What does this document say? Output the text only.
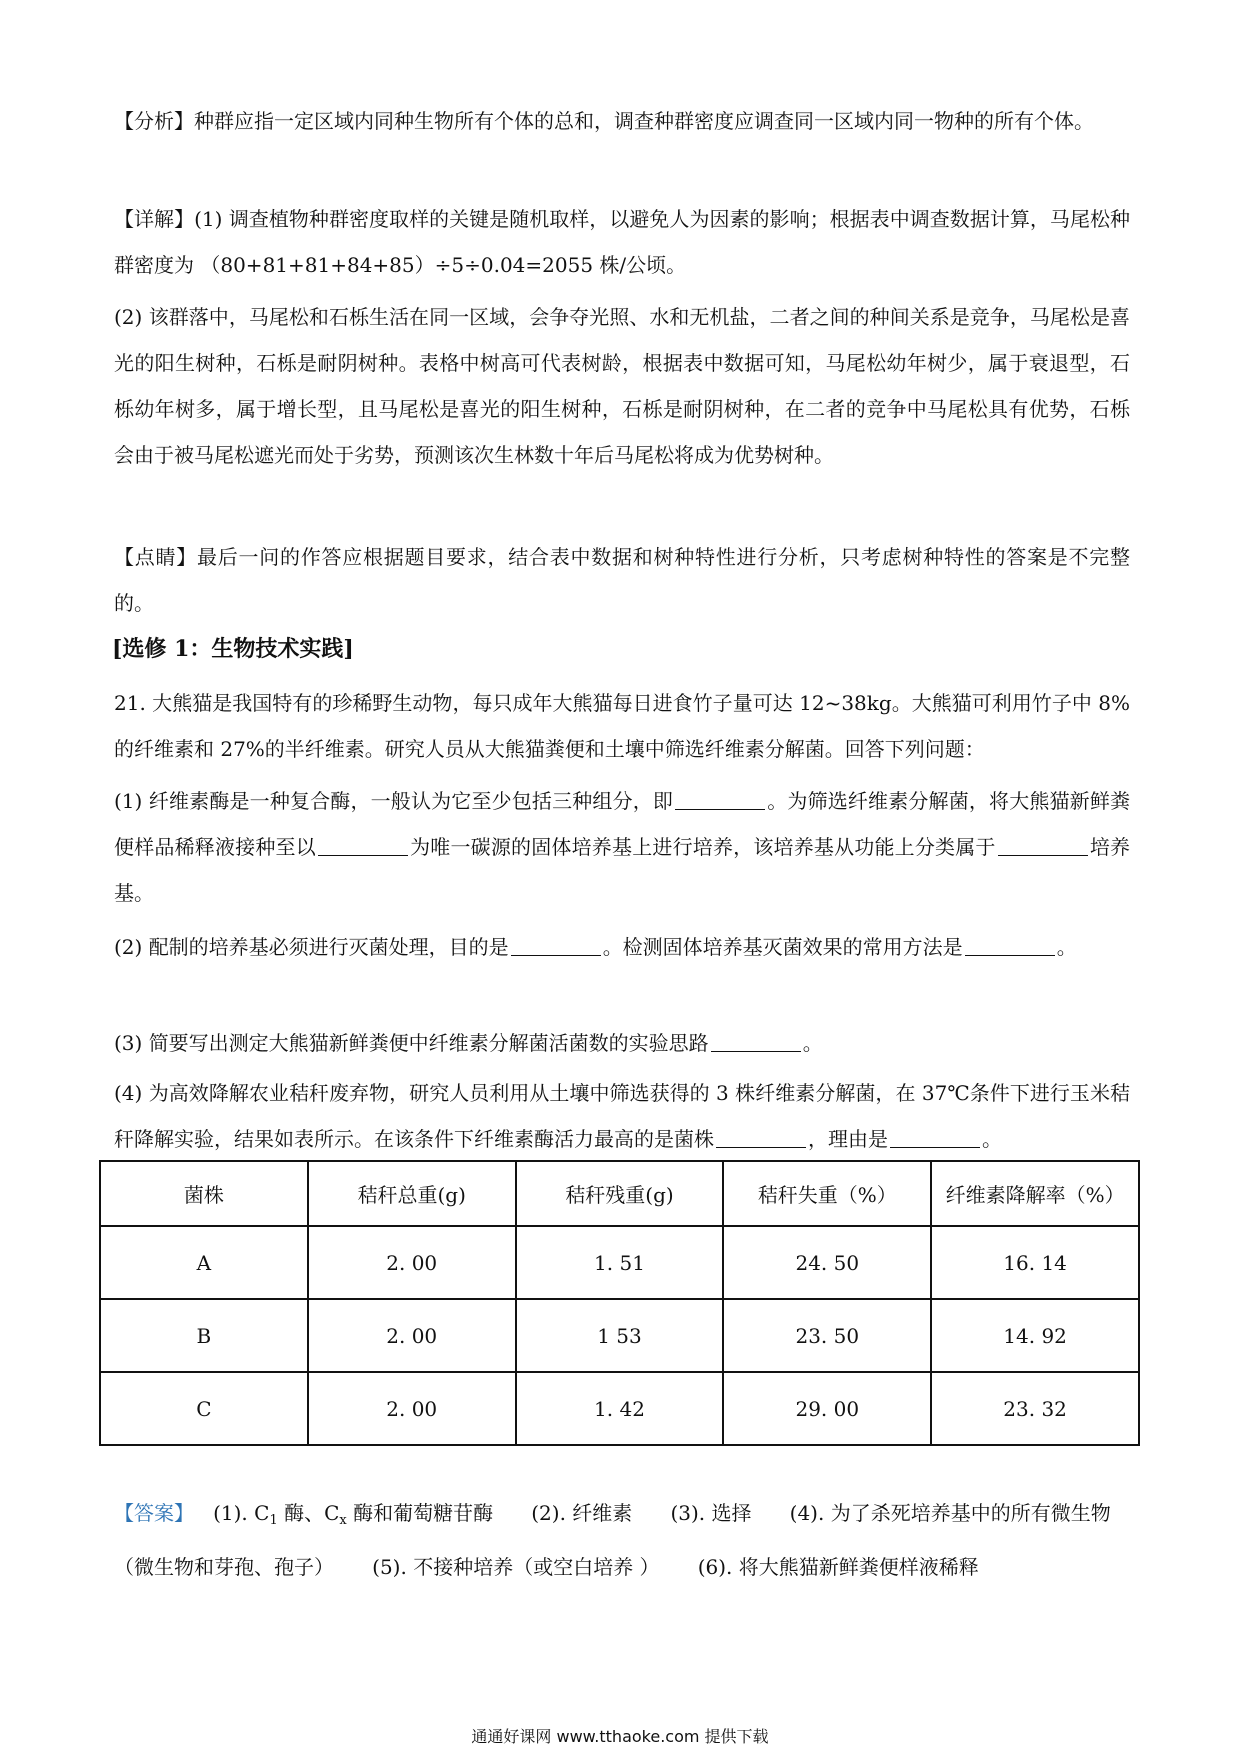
【分析】种群应指一定区域内同种生物所有个体的总和，调查种群密度应调查同一区域内同一物种的所有个体。

【详解】(1) 调查植物种群密度取样的关键是随机取样，以避免人为因素的影响；根据表中调查数据计算，马尾松种群密度为 （80+81+81+84+85）÷5÷0.04=2055 株/公顷。

(2) 该群落中，马尾松和石栎生活在同一区域，会争夺光照、水和无机盐，二者之间的种间关系是竞争，马尾松是喜光的阳生树种，石栎是耐阴树种。表格中树高可代表树龄，根据表中数据可知，马尾松幼年树少，属于衰退型，石栎幼年树多，属于增长型，且马尾松是喜光的阳生树种，石栎是耐阴树种，在二者的竞争中马尾松具有优势，石栎会由于被马尾松遮光而处于劣势，预测该次生林数十年后马尾松将成为优势树种。

【点睛】最后一问的作答应根据题目要求，结合表中数据和树种特性进行分析，只考虑树种特性的答案是不完整的。

[选修 1：生物技术实践]

21. 大熊猫是我国特有的珍稀野生动物，每只成年大熊猫每日进食竹子量可达 12~38kg。大熊猫可利用竹子中 8%的纤维素和 27%的半纤维素。研究人员从大熊猫粪便和土壤中筛选纤维素分解菌。回答下列问题：

(1) 纤维素酶是一种复合酶，一般认为它至少包括三种组分，即	。为筛选纤维素分解菌，将大熊猫新鲜粪便样品稀释液接种至以	为唯一碳源的固体培养基上进行培养，该培养基从功能上分类属于	培养基。

(2) 配制的培养基必须进行灭菌处理，目的是	。检测固体培养基灭菌效果的常用方法是	。

(3) 简要写出测定大熊猫新鲜粪便中纤维素分解菌活菌数的实验思路	。

(4) 为高效降解农业秸秆废弃物，研究人员利用从土壤中筛选获得的 3 株纤维素分解菌，在 37℃条件下进行玉米秸秆降解实验，结果如表所示。在该条件下纤维素酶活力最高的是菌株	，理由是	。

菌株	秸秆总重(g)	秸秆残重(g)	秸秆失重（%）	纤维素降解率（%）
A	2. 00	1. 51	24. 50	16. 14
B	2. 00	1 53	23. 50	14. 92
C	2. 00	1. 42	29. 00	23. 32

【答案】 (1). $C_1$ 酶、$C_x$ 酶和葡萄糖苷酶 (2). 纤维素 (3). 选择 (4). 为了杀死培养基中的所有微生物（微生物和芽孢、孢子） (5). 不接种培养（或空白培养 ） (6). 将大熊猫新鲜粪便样液稀释

通通好课网 www.tthaoke.com 提供下载
